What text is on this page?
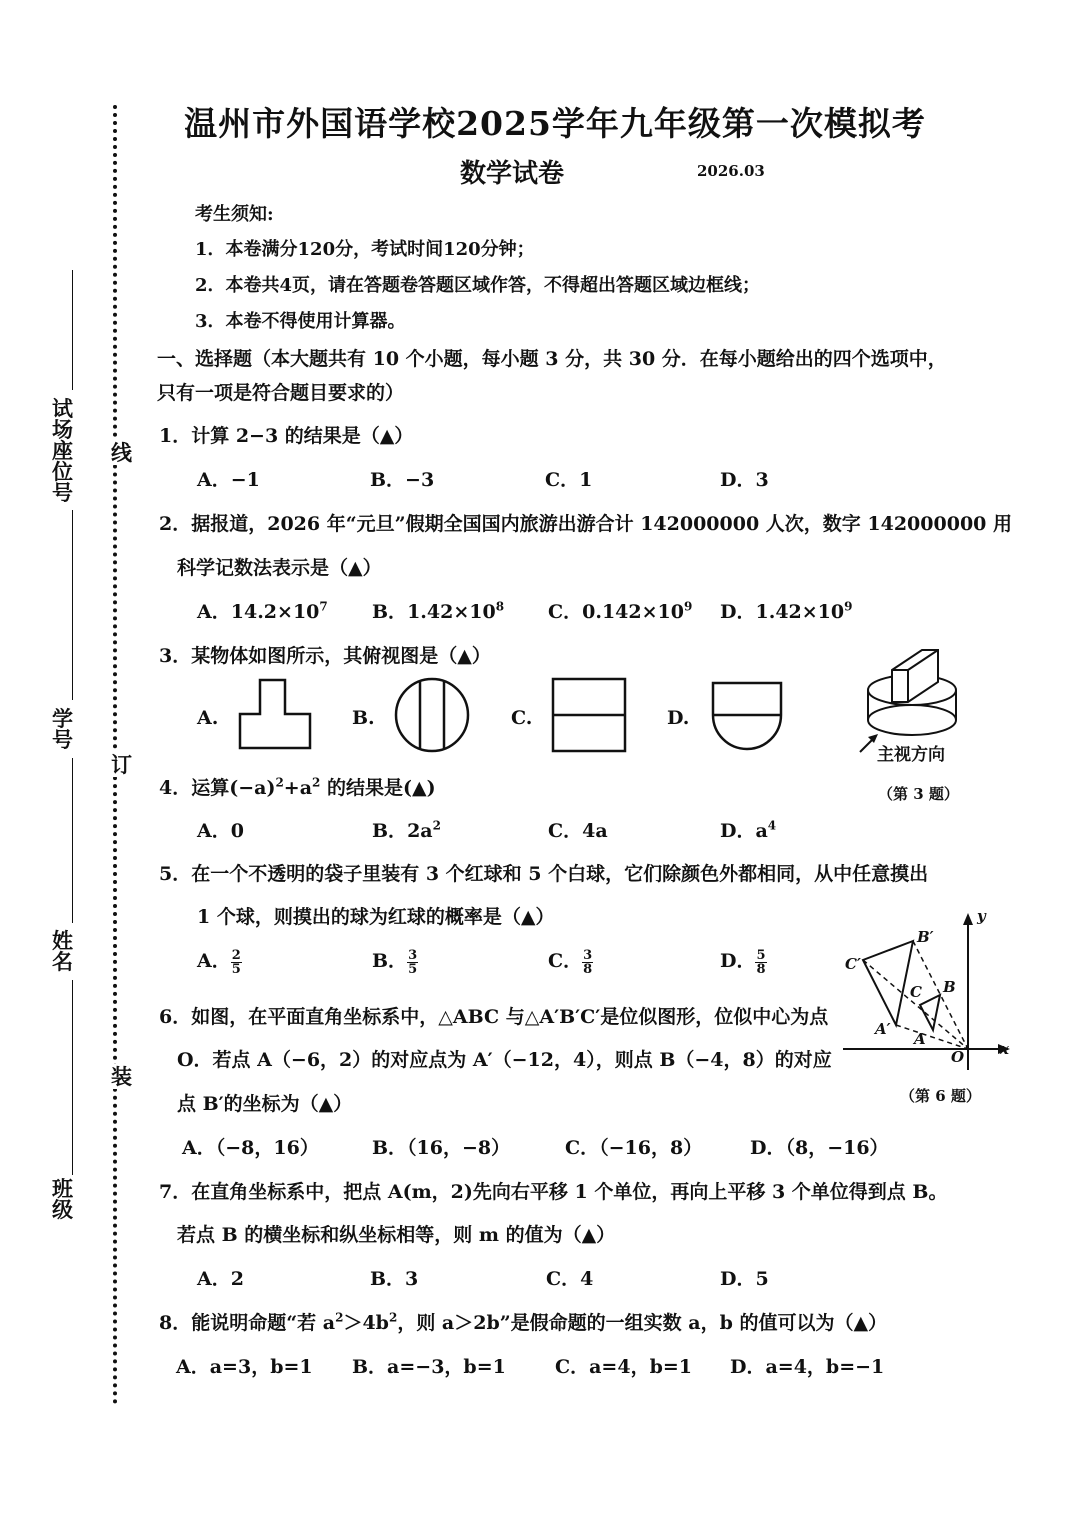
试
场
座
位
号
学
号
姓
名
班
级
线
订
装
温州市外国语学校2025学年九年级第一次模拟考
数学试卷	2026.03
考生须知:
1．本卷满分120分，考试时间120分钟；
2．本卷共4页，请在答题卷答题区域作答，不得超出答题区域边框线；
3．本卷不得使用计算器。
一、选择题（本大题共有 10 个小题，每小题 3 分，共 30 分．在每小题给出的四个选项中，
只有一项是符合题目要求的）
1．计算 2−3 的结果是（▲）
A．−1	B．−3	C．1	D．3
2．据报道，2026 年“元旦”假期全国国内旅游出游合计 142000000 人次，数字 142000000 用
科学记数法表示是（▲）
A．$14.2\times 10^7$ B．$1.42\times 10^8$ C．$0.142\times 10^9$ D．$1.42\times 10^9$
3．某物体如图所示，其俯视图是（▲）
A.	B.	C.	D.
主视方向
（第 3 题）
4．运算$(-a)^2+a^2$ 的结果是(▲)
A．0	B．$2a^2$	C．4a	D．$a^4$
5．在一个不透明的袋子里装有 3 个红球和 5 个白球，它们除颜色外都相同，从中任意摸出
1 个球，则摸出的球为红球的概率是（▲）
A． $\frac{2}{5}$	B． $\frac{3}{5}$	C． $\frac{3}{8}$	D． $\frac{5}{8}$
6．如图，在平面直角坐标系中，△ABC 与△A′B′C′是位似图形，位似中心为点
O．若点 A（−6，2）的对应点为 A′（−12，4），则点 B（−4，8）的对应
点 B′的坐标为（▲）
A．（−8，16）	B．（16，−8）	C．（−16，8）	D．（8，−16）
y
x
O
B′
C′
C B
A′
A
（第 6 题）
7．在直角坐标系中，把点 A(m，2)先向右平移 1 个单位，再向上平移 3 个单位得到点 B。
若点 B 的横坐标和纵坐标相等，则 m 的值为（▲）
A．2	B．3	C．4	D．5
8．能说明命题“若 $a^2>4b^2$，则 a＞2b”是假命题的一组实数 a，b 的值可以为（▲）
A．a=3，b=1 B．a=−3，b=1	C．a=4，b=1 D．a=4，b=−1
